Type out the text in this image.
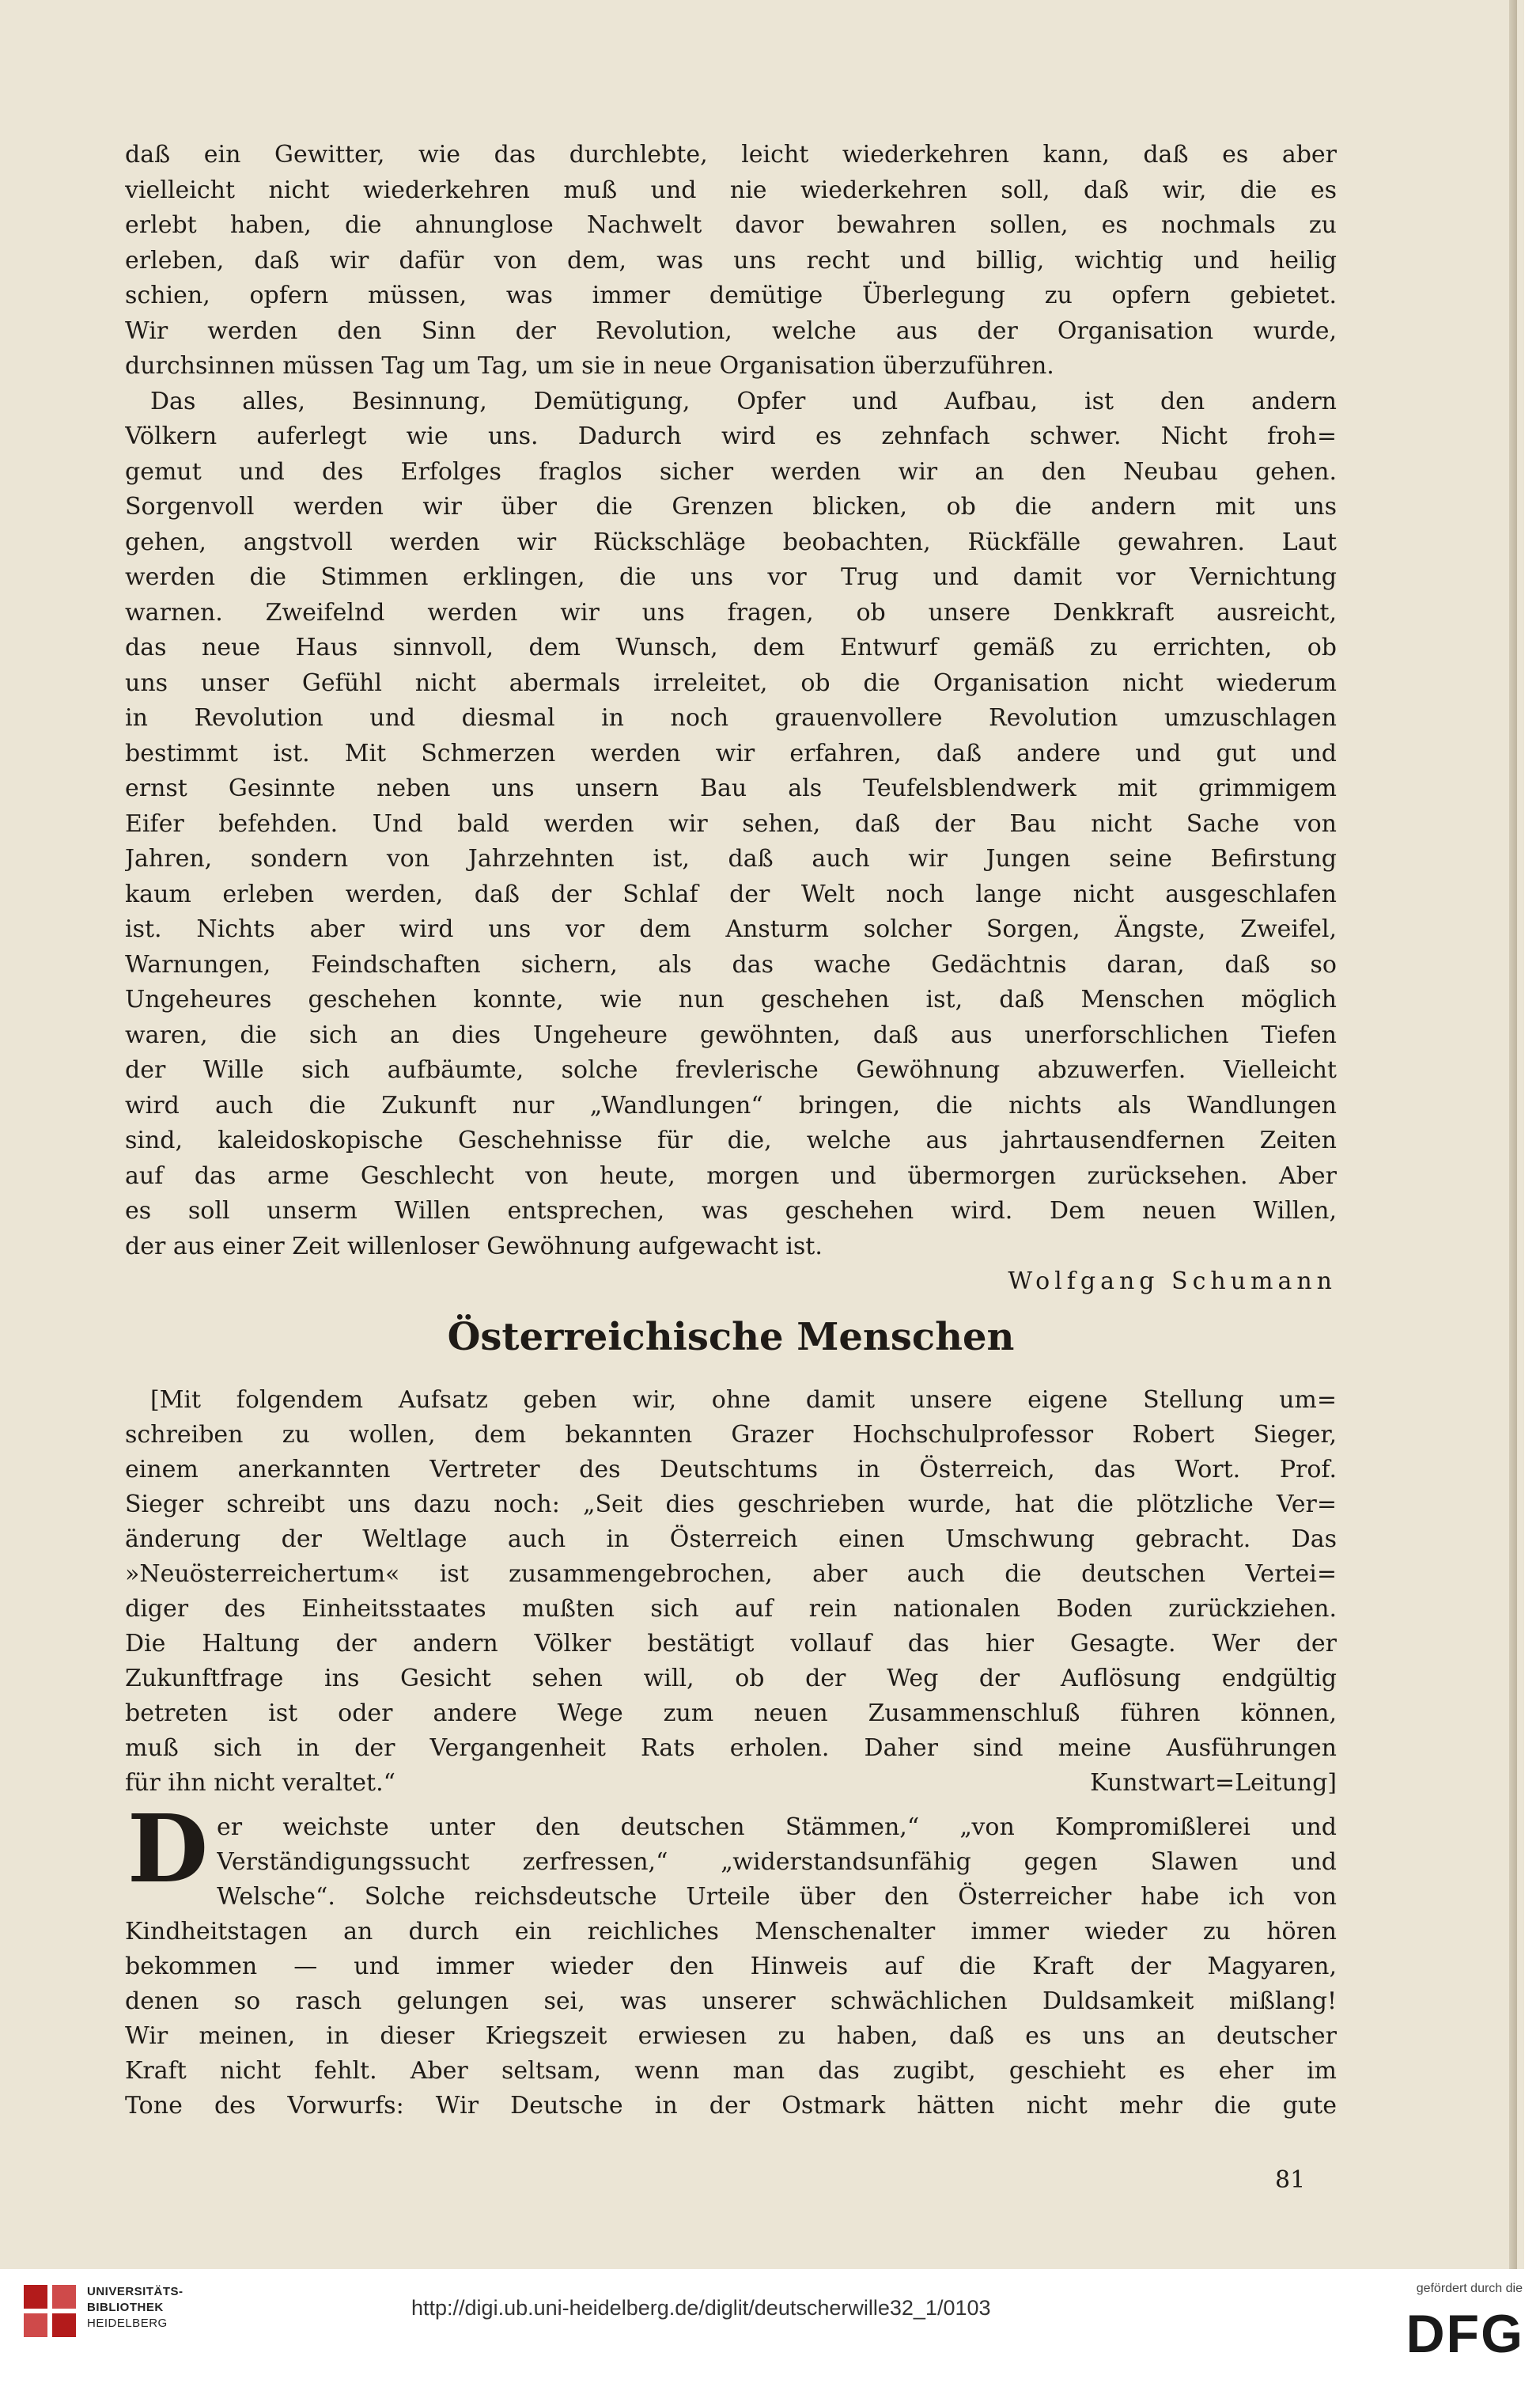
daß ein Gewitter, wie das durchlebte, leicht wiederkehren kann, daß es aber
vielleicht nicht wiederkehren muß und nie wiederkehren soll, daß wir, die es
erlebt haben, die ahnunglose Nachwelt davor bewahren sollen, es nochmals zu
erleben, daß wir dafür von dem, was uns recht und billig, wichtig und heilig
schien, opfern müssen, was immer demütige Überlegung zu opfern gebietet.
Wir werden den Sinn der Revolution, welche aus der Organisation wurde,
durchsinnen müssen Tag um Tag, um sie in neue Organisation überzuführen.
Das alles, Besinnung, Demütigung, Opfer und Aufbau, ist den andern
Völkern auferlegt wie uns. Dadurch wird es zehnfach schwer. Nicht froh=
gemut und des Erfolges fraglos sicher werden wir an den Neubau gehen.
Sorgenvoll werden wir über die Grenzen blicken, ob die andern mit uns
gehen, angstvoll werden wir Rückschläge beobachten, Rückfälle gewahren. Laut
werden die Stimmen erklingen, die uns vor Trug und damit vor Vernichtung
warnen. Zweifelnd werden wir uns fragen, ob unsere Denkkraft ausreicht,
das neue Haus sinnvoll, dem Wunsch, dem Entwurf gemäß zu errichten, ob
uns unser Gefühl nicht abermals irreleitet, ob die Organisation nicht wiederum
in Revolution und diesmal in noch grauenvollere Revolution umzuschlagen
bestimmt ist. Mit Schmerzen werden wir erfahren, daß andere und gut und
ernst Gesinnte neben uns unsern Bau als Teufelsblendwerk mit grimmigem
Eifer befehden. Und bald werden wir sehen, daß der Bau nicht Sache von
Jahren, sondern von Jahrzehnten ist, daß auch wir Jungen seine Befirstung
kaum erleben werden, daß der Schlaf der Welt noch lange nicht ausgeschlafen
ist. Nichts aber wird uns vor dem Ansturm solcher Sorgen, Ängste, Zweifel,
Warnungen, Feindschaften sichern, als das wache Gedächtnis daran, daß so
Ungeheures geschehen konnte, wie nun geschehen ist, daß Menschen möglich
waren, die sich an dies Ungeheure gewöhnten, daß aus unerforschlichen Tiefen
der Wille sich aufbäumte, solche frevlerische Gewöhnung abzuwerfen. Vielleicht
wird auch die Zukunft nur „Wandlungen“ bringen, die nichts als Wandlungen
sind, kaleidoskopische Geschehnisse für die, welche aus jahrtausendfernen Zeiten
auf das arme Geschlecht von heute, morgen und übermorgen zurücksehen. Aber
es soll unserm Willen entsprechen, was geschehen wird. Dem neuen Willen,
der aus einer Zeit willenloser Gewöhnung aufgewacht ist.
Wolfgang Schumann
Österreichische Menschen
[Mit folgendem Aufsatz geben wir, ohne damit unsere eigene Stellung um=
schreiben zu wollen, dem bekannten Grazer Hochschulprofessor Robert Sieger,
einem anerkannten Vertreter des Deutschtums in Österreich, das Wort. Prof.
Sieger schreibt uns dazu noch: „Seit dies geschrieben wurde, hat die plötzliche Ver=
änderung der Weltlage auch in Österreich einen Umschwung gebracht. Das
»Neuösterreichertum« ist zusammengebrochen, aber auch die deutschen Vertei=
diger des Einheitsstaates mußten sich auf rein nationalen Boden zurückziehen.
Die Haltung der andern Völker bestätigt vollauf das hier Gesagte. Wer der
Zukunftfrage ins Gesicht sehen will, ob der Weg der Auflösung endgültig
betreten ist oder andere Wege zum neuen Zusammenschluß führen können,
muß sich in der Vergangenheit Rats erholen. Daher sind meine Ausführungen
für ihn nicht veraltet.“	Kunstwart=Leitung]
er weichste unter den deutschen Stämmen,“ „von Kompromißlerei und
Verständigungssucht zerfressen,“ „widerstandsunfähig gegen Slawen und
Welsche“. Solche reichsdeutsche Urteile über den Österreicher habe ich von
Kindheitstagen an durch ein reichliches Menschenalter immer wieder zu hören
bekommen — und immer wieder den Hinweis auf die Kraft der Magyaren,
denen so rasch gelungen sei, was unserer schwächlichen Duldsamkeit mißlang!
Wir meinen, in dieser Kriegszeit erwiesen zu haben, daß es uns an deutscher
Kraft nicht fehlt. Aber seltsam, wenn man das zugibt, geschieht es eher im
Tone des Vorwurfs: Wir Deutsche in der Ostmark hätten nicht mehr die gute
D
81
UNIVERSITÄTS-
BIBLIOTHEK
HEIDELBERG
http://digi.ub.uni-heidelberg.de/diglit/deutscherwille32_1/0103
gefördert durch die
DFG
